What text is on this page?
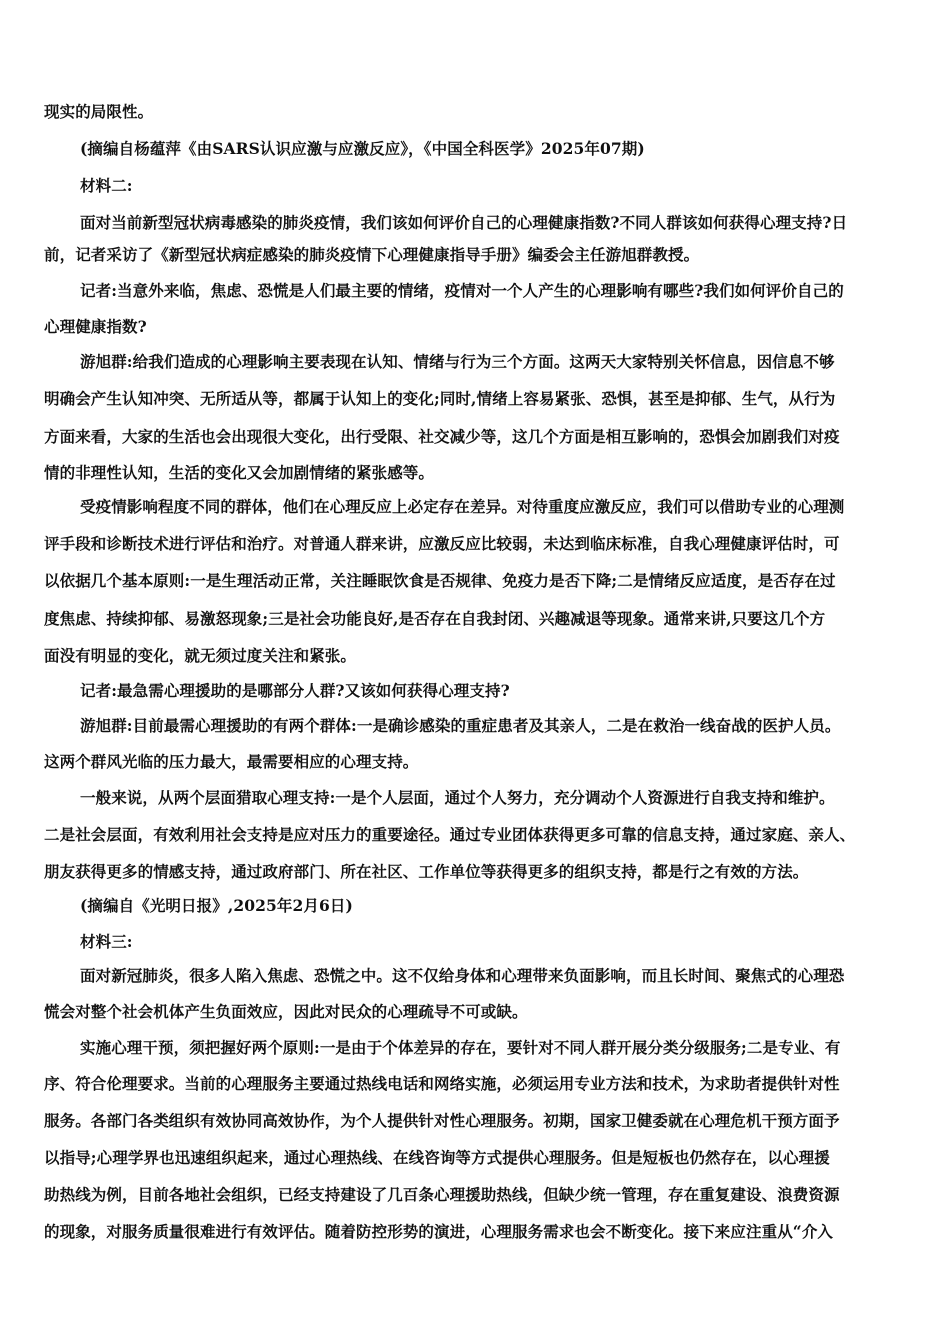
现实的局限性。

(摘编自杨蕴萍《由SARS认识应激与应激反应》，《中国全科医学》2025年07期)

材料二:

面对当前新型冠状病毒感染的肺炎疫情，我们该如何评价自己的心理健康指数?不同人群该如何获得心理支持?日

前，记者采访了《新型冠状病症感染的肺炎疫情下心理健康指导手册》编委会主任游旭群教授。

记者:当意外来临，焦虑、恐慌是人们最主要的情绪，疫情对一个人产生的心理影响有哪些?我们如何评价自己的

心理健康指数?

游旭群:给我们造成的心理影响主要表现在认知、情绪与行为三个方面。这两天大家特别关怀信息，因信息不够

明确会产生认知冲突、无所适从等，都属于认知上的变化;同时,情绪上容易紧张、恐惧，甚至是抑郁、生气，从行为

方面来看，大家的生活也会出现很大变化，出行受限、社交减少等，这几个方面是相互影响的，恐惧会加剧我们对疫

情的非理性认知，生活的变化又会加剧情绪的紧张感等。

受疫情影响程度不同的群体，他们在心理反应上必定存在差异。对待重度应激反应，我们可以借助专业的心理测

评手段和诊断技术进行评估和治疗。对普通人群来讲，应激反应比较弱，未达到临床标准，自我心理健康评估时，可

以依据几个基本原则:一是生理活动正常，关注睡眠饮食是否规律、免疫力是否下降;二是情绪反应适度，是否存在过

度焦虑、持续抑郁、易激怒现象;三是社会功能良好,是否存在自我封闭、兴趣减退等现象。通常来讲,只要这几个方

面没有明显的变化，就无须过度关注和紧张。

记者:最急需心理援助的是哪部分人群?又该如何获得心理支持?

游旭群:目前最需心理援助的有两个群体:一是确诊感染的重症患者及其亲人，二是在救治一线奋战的医护人员。

这两个群风光临的压力最大，最需要相应的心理支持。

一般来说，从两个层面猎取心理支持:一是个人层面，通过个人努力，充分调动个人资源进行自我支持和维护。

二是社会层面，有效利用社会支持是应对压力的重要途径。通过专业团体获得更多可靠的信息支持，通过家庭、亲人、

朋友获得更多的情感支持，通过政府部门、所在社区、工作单位等获得更多的组织支持，都是行之有效的方法。

(摘编自《光明日报》,2025年2月6日)

材料三:

面对新冠肺炎，很多人陷入焦虑、恐慌之中。这不仅给身体和心理带来负面影响，而且长时间、聚焦式的心理恐

慌会对整个社会机体产生负面效应，因此对民众的心理疏导不可或缺。

实施心理干预，须把握好两个原则:一是由于个体差异的存在，要针对不同人群开展分类分级服务;二是专业、有

序、符合伦理要求。当前的心理服务主要通过热线电话和网络实施，必须运用专业方法和技术，为求助者提供针对性

服务。各部门各类组织有效协同高效协作，为个人提供针对性心理服务。初期，国家卫健委就在心理危机干预方面予

以指导;心理学界也迅速组织起来，通过心理热线、在线咨询等方式提供心理服务。但是短板也仍然存在，以心理援

助热线为例，目前各地社会组织，已经支持建设了几百条心理援助热线，但缺少统一管理，存在重复建设、浪费资源

的现象，对服务质量很难进行有效评估。随着防控形势的演进，心理服务需求也会不断变化。接下来应注重从“介入
